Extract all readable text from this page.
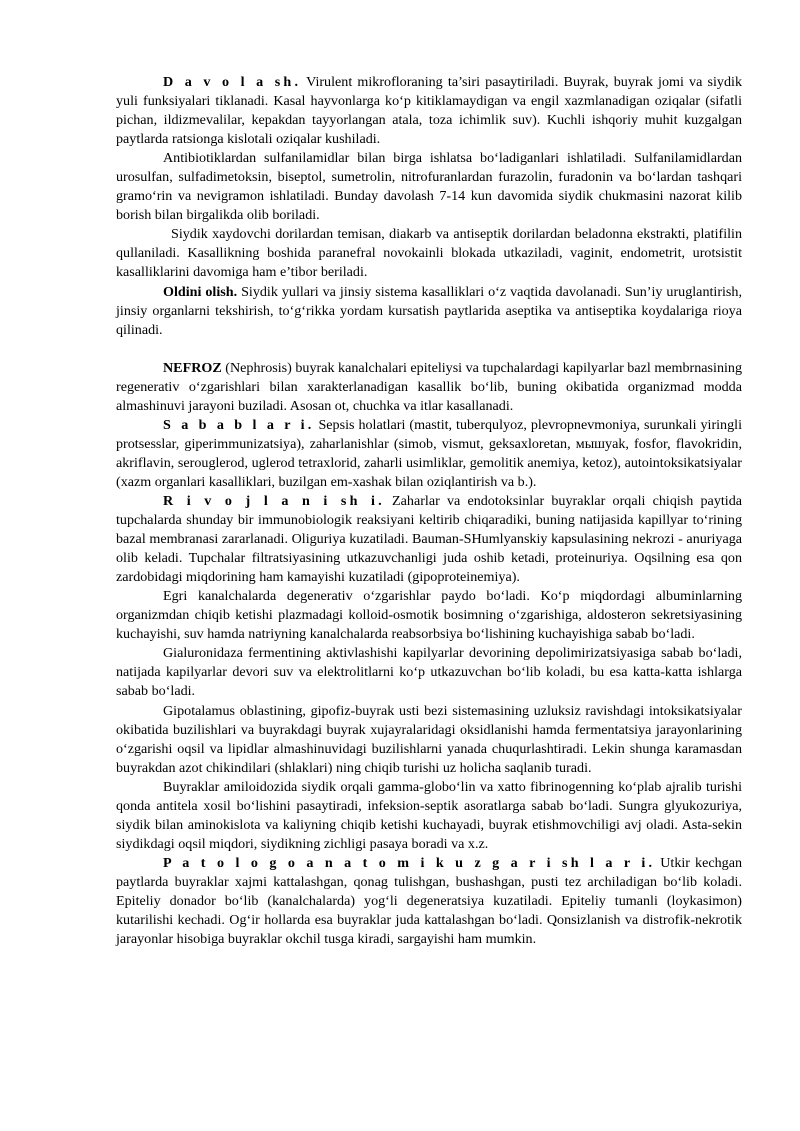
D a v o l a sh. Virulent mikrofloraning ta’siri pasaytiriladi. Buyrak, buyrak jomi va siydik yuli funksiyalari tiklanadi. Kasal hayvonlarga ko‘p kitiklamaydigan va engil xazmlanadigan oziqalar (sifatli pichan, ildizmevalilar, kepakdan tayyorlangan atala, toza ichimlik suv). Kuchli ishqoriy muhit kuzgalgan paytlarda ratsionga kislotali oziqalar kushiladi.

Antibiotiklardan sulfanilamidlar bilan birga ishlatsa bo‘ladiganlari ishlatiladi. Sulfanilamidlardan urosulfan, sulfadimetoksin, biseptol, sumetrolin, nitrofuranlardan furazolin, furadonin va bo‘lardan tashqari gramo‘rin va nevigramon ishlatiladi. Bunday davolash 7-14 kun davomida siydik chukmasini nazorat kilib borish bilan birgalikda olib boriladi.

Siydik xaydovchi dorilardan temisan, diakarb va antiseptik dorilardan beladonna ekstrakti, platifilin qullaniladi. Kasallikning boshida paranefral novokainli blokada utkaziladi, vaginit, endometrit, urotsistit kasalliklarini davomiga ham e’tibor beriladi.

Oldini olish. Siydik yullari va jinsiy sistema kasalliklari o‘z vaqtida davolanadi. Sun’iy uruglantirish, jinsiy organlarni tekshirish, to‘g‘rikka yordam kursatish paytlarida aseptika va antiseptika koydalariga rioya qilinadi.

NEFROZ (Nephrosis) buyrak kanalchalari epiteliysi va tupchalardagi kapilyarlar bazl membrnasining regenerativ o‘zgarishlari bilan xarakterlanadigan kasallik bo‘lib, buning okibatida organizmad modda almashinuvi jarayoni buziladi. Asosan ot, chuchka va itlar kasallanadi.

S a b a b l a r i. Sepsis holatlari (mastit, tuberqulyoz, plevropnevmoniya, surunkali yiringli protsesslar, giperimmunizatsiya), zaharlanishlar (simob, vismut, geksaxloretan, мышyak, fosfor, flavokridin, akriflavin, serouglerod, uglerod tetraxlorid, zaharli usimliklar, gemolitik anemiya, ketoz), autointoksikatsiyalar (xazm organlari kasalliklari, buzilgan em-xashak bilan oziqlantirish va b.).

R i v o j l a n i sh i. Zaharlar va endotoksinlar buyraklar orqali chiqish paytida tupchalarda shunday bir immunobiologik reaksiyani keltirib chiqaradiki, buning natijasida kapillyar to‘rining bazal membranasi zararlanadi. Oliguriya kuzatiladi. Bauman-SHumlyanskiy kapsulasining nekrozi - anuriyaga olib keladi. Tupchalar filtratsiyasining utkazuvchanligi juda oshib ketadi, proteinuriya. Oqsilning esa qon zardobidagi miqdorining ham kamayishi kuzatiladi (gipoproteinemiya).

Egri kanalchalarda degenerativ o‘zgarishlar paydo bo‘ladi. Ko‘p miqdordagi albuminlarning organizmdan chiqib ketishi plazmadagi kolloid-osmotik bosimning o‘zgarishiga, aldosteron sekretsiyasining kuchayishi, suv hamda natriyning kanalchalarda reabsorbsiya bo‘lishining kuchayishiga sabab bo‘ladi.

Gialuronidaza fermentining aktivlashishi kapilyarlar devorining depolimirizatsiyasiga sabab bo‘ladi, natijada kapilyarlar devori suv va elektrolitlarni ko‘p utkazuvchan bo‘lib koladi, bu esa katta-katta ishlarga sabab bo‘ladi.

Gipotalamus oblastining, gipofiz-buyrak usti bezi sistemasining uzluksiz ravishdagi intoksikatsiyalar okibatida buzilishlari va buyrakdagi buyrak xujayralaridagi oksidlanishi hamda fermentatsiya jarayonlarining o‘zgarishi oqsil va lipidlar almashinuvidagi buzilishlarni yanada chuqurlashtiradi. Lekin shunga karamasdan buyrakdan azot chikindilari (shlaklari) ning chiqib turishi uz holicha saqlanib turadi.

Buyraklar amiloidozida siydik orqali gamma-globo‘lin va xatto fibrinogenning ko‘plab ajralib turishi qonda antitela xosil bo‘lishini pasaytiradi, infeksion-septik asoratlarga sabab bo‘ladi. Sungra glyukozuriya, siydik bilan aminokislota va kaliyning chiqib ketishi kuchayadi, buyrak etishmovchiligi avj oladi. Asta-sekin siydikdagi oqsil miqdori, siydikning zichligi pasaya boradi va x.z.

P a t o l o g o a n a t o m i k u z g a r i sh l a r i. Utkir kechgan paytlarda buyraklar xajmi kattalashgan, qonag tulishgan, bushashgan, pusti tez archiladigan bo‘lib koladi. Epiteliy donador bo‘lib (kanalchalarda) yog‘li degeneratsiya kuzatiladi. Epiteliy tumanli (loykasimon) kutarilishi kechadi. Og‘ir hollarda esa buyraklar juda kattalashgan bo‘ladi. Qonsizlanish va distrofik-nekrotik jarayonlar hisobiga buyraklar okchil tusga kiradi, sargayishi ham mumkin.
